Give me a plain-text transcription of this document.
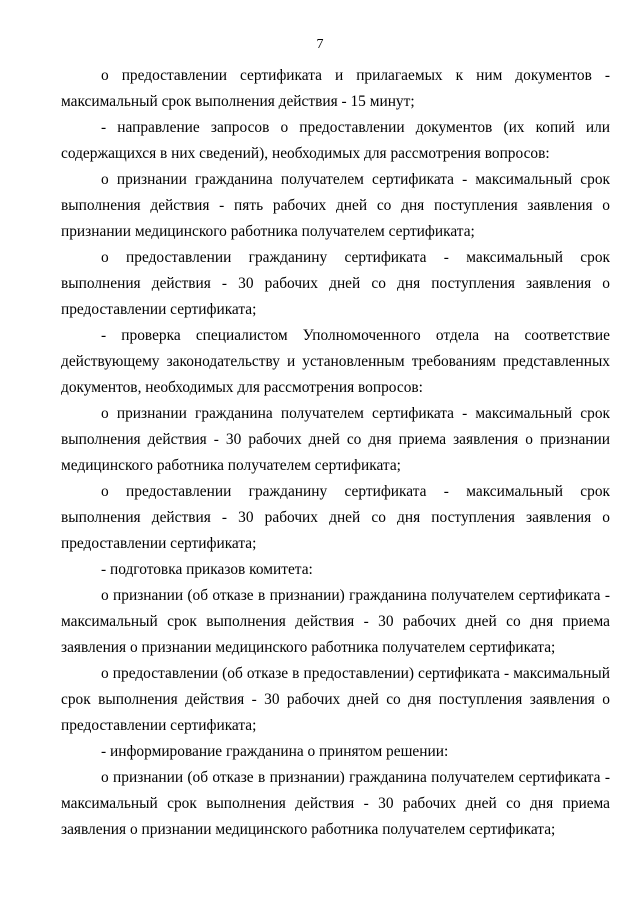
7

о предоставлении сертификата и прилагаемых к ним документов - максимальный срок выполнения действия - 15 минут;

- направление запросов о предоставлении документов (их копий или содержащихся в них сведений), необходимых для рассмотрения вопросов:

о признании гражданина получателем сертификата - максимальный срок выполнения действия - пять рабочих дней со дня поступления заявления о признании медицинского работника получателем сертификата;

о предоставлении гражданину сертификата - максимальный срок выполнения действия - 30 рабочих дней со дня поступления заявления о предоставлении сертификата;

- проверка специалистом Уполномоченного отдела на соответствие действующему законодательству и установленным требованиям представленных документов, необходимых для рассмотрения вопросов:

о признании гражданина получателем сертификата - максимальный срок выполнения действия - 30 рабочих дней со дня приема заявления о признании медицинского работника получателем сертификата;

о предоставлении гражданину сертификата - максимальный срок выполнения действия - 30 рабочих дней со дня поступления заявления о предоставлении сертификата;

- подготовка приказов комитета:

о признании (об отказе в признании) гражданина получателем сертификата - максимальный срок выполнения действия - 30 рабочих дней со дня приема заявления о признании медицинского работника получателем сертификата;

о предоставлении (об отказе в предоставлении) сертификата - максимальный срок выполнения действия - 30 рабочих дней со дня поступления заявления о предоставлении сертификата;

- информирование гражданина о принятом решении:

о признании (об отказе в признании) гражданина получателем сертификата - максимальный срок выполнения действия - 30 рабочих дней со дня приема заявления о признании медицинского работника получателем сертификата;
